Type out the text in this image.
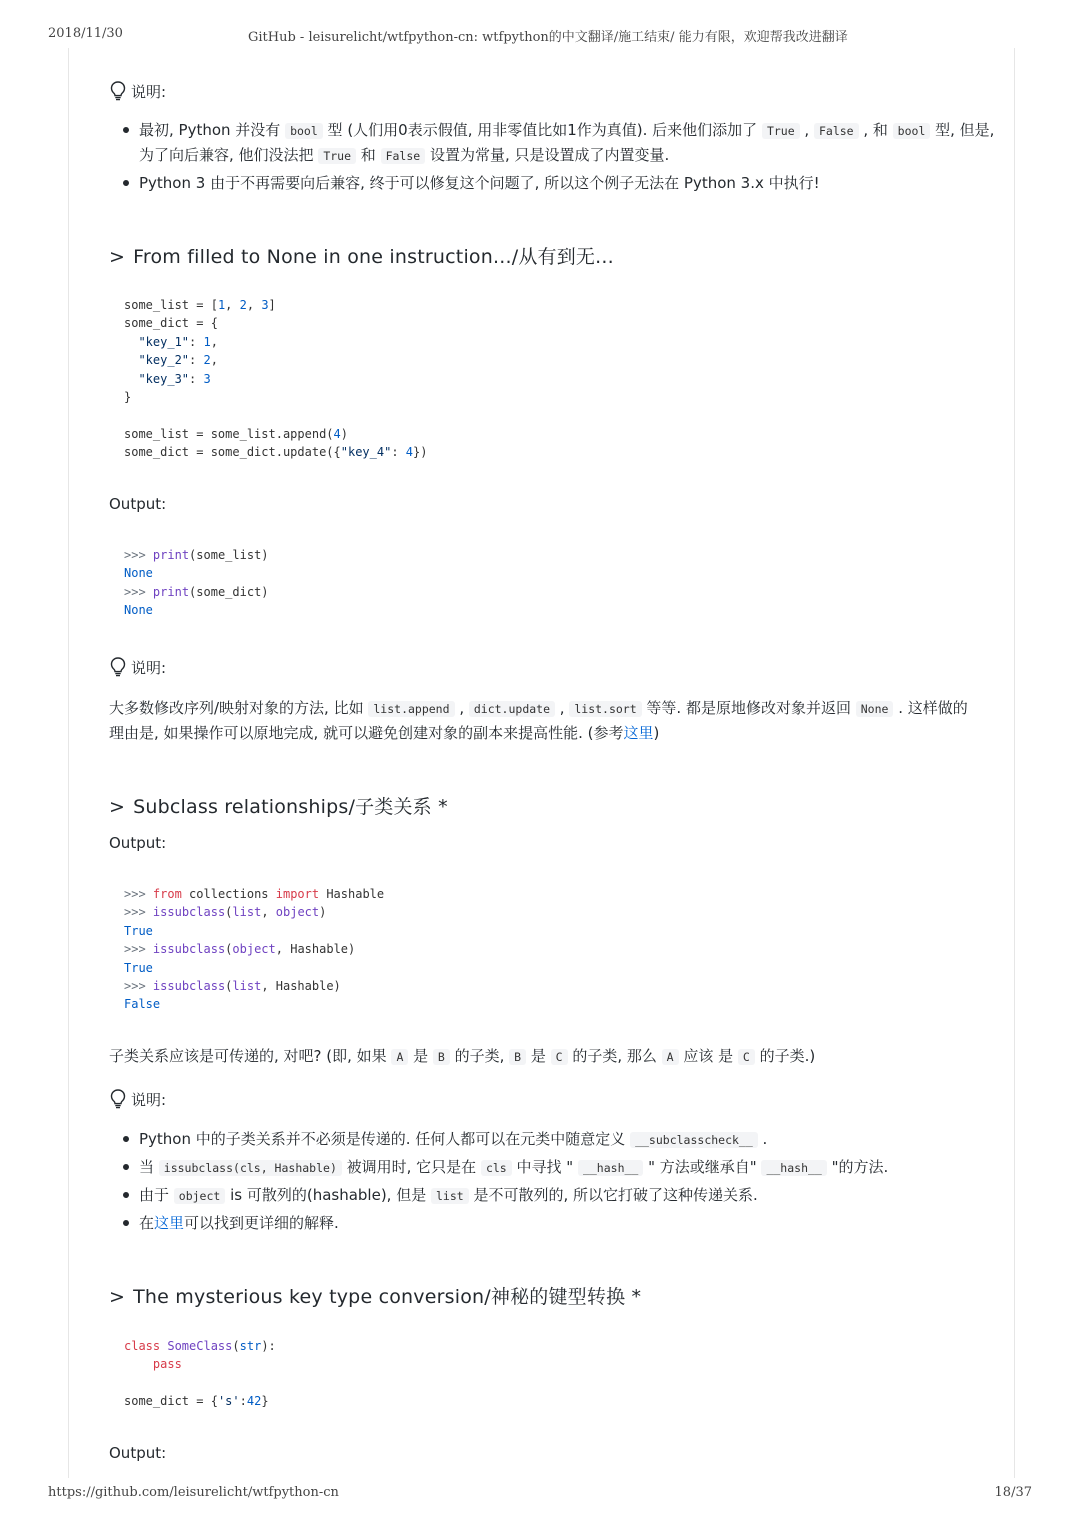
2018/11/30	GitHub - leisurelicht/wtfpython-cn: wtfpython的中文翻译/施工结束/ 能力有限，欢迎帮我改进翻译
说明:
最初, Python 并没有 bool 型 (人们用0表示假值, 用非零值比如1作为真值). 后来他们添加了 True , False , 和 bool 型, 但是, 为了向后兼容, 他们没法把 True 和 False 设置为常量, 只是设置成了内置变量.
Python 3 由于不再需要向后兼容, 终于可以修复这个问题了, 所以这个例子无法在 Python 3.x 中执行!
> From filled to None in one instruction.../从有到无...
some_list = [1, 2, 3]
some_dict = {
"key_1": 1,
"key_2": 2,
"key_3": 3
}

some_list = some_list.append(4)
some_dict = some_dict.update({"key_4": 4})
Output:
>>> print(some_list)
None
>>> print(some_dict)
None
说明:
大多数修改序列/映射对象的方法, 比如 list.append , dict.update , list.sort 等等. 都是原地修改对象并返回 None . 这样做的理由是, 如果操作可以原地完成, 就可以避免创建对象的副本来提高性能. (参考这里)
> Subclass relationships/子类关系 *
Output:
>>> from collections import Hashable
>>> issubclass(list, object)
True
>>> issubclass(object, Hashable)
True
>>> issubclass(list, Hashable)
False
子类关系应该是可传递的, 对吧? (即, 如果 A 是 B 的子类, B 是 C 的子类, 那么 A 应该 是 C 的子类.)
说明:
Python 中的子类关系并不必须是传递的. 任何人都可以在元类中随意定义 __subclasscheck__ .
当 issubclass(cls, Hashable) 被调用时, 它只是在 cls 中寻找 " __hash__ " 方法或继承自" __hash__ "的方法.
由于 object is 可散列的(hashable), 但是 list 是不可散列的, 所以它打破了这种传递关系.
在这里可以找到更详细的解释.
> The mysterious key type conversion/神秘的键型转换 *
class SomeClass(str):
pass

some_dict = {'s':42}
Output:
https://github.com/leisurelicht/wtfpython-cn	18/37
